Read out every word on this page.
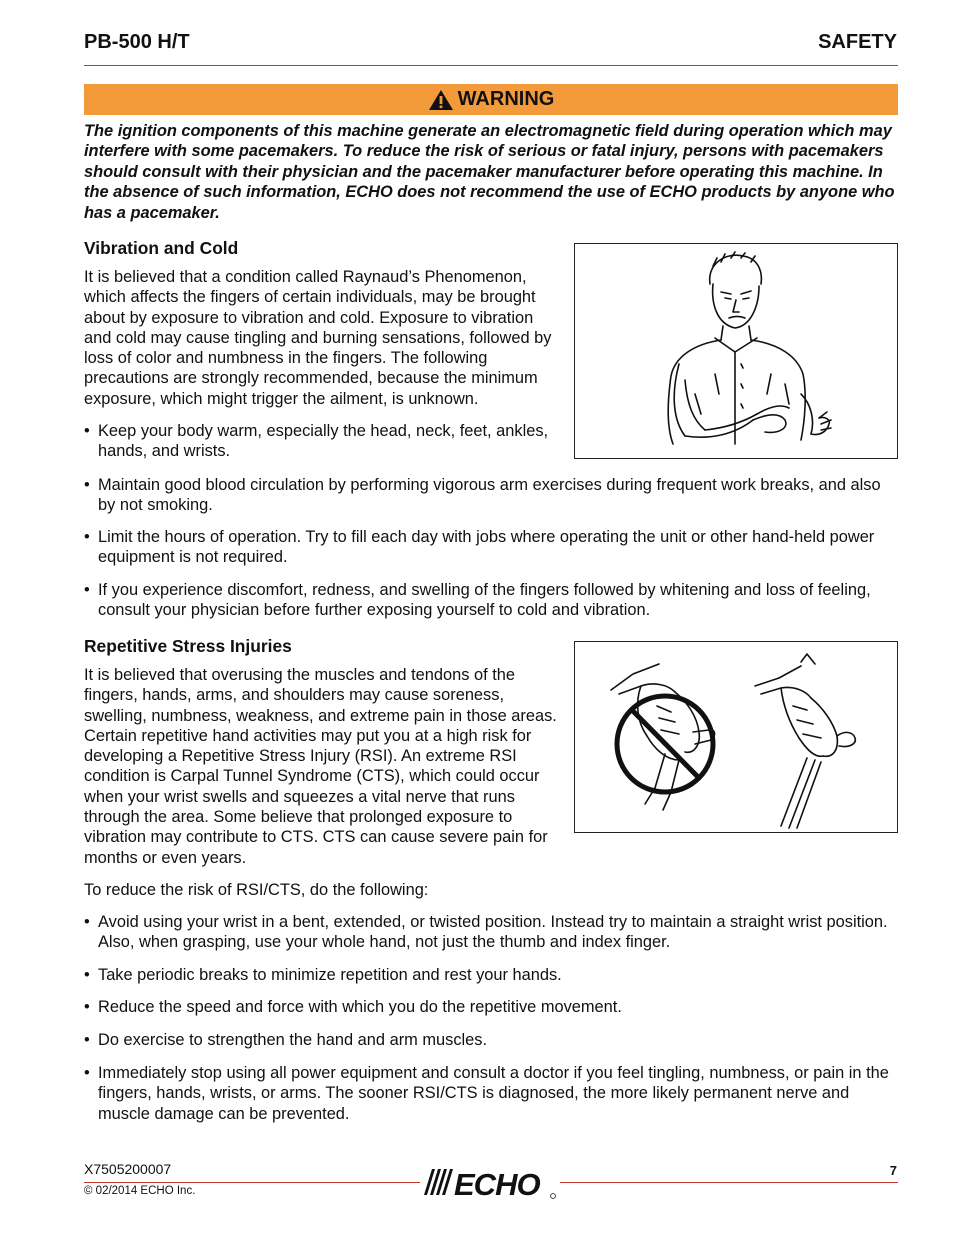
PB-500 H/T	SAFETY
WARNING
The ignition components of this machine generate an electromagnetic field during operation which may interfere with some pacemakers. To reduce the risk of serious or fatal injury, persons with pacemakers should consult with their physician and the pacemaker manufacturer before operating this machine. In the absence of such information, ECHO does not recommend the use of ECHO products by anyone who has a pacemaker.
Vibration and Cold
It is believed that a condition called Raynaud’s Phenomenon, which affects the fingers of certain individuals, may be brought about by exposure to vibration and cold. Exposure to vibration and cold may cause tingling and burning sensations, followed by loss of color and numbness in the fingers. The following precautions are strongly recommended, because the minimum exposure, which might trigger the ailment, is unknown.
• Keep your body warm, especially the head, neck, feet, ankles, hands, and wrists.
• Maintain good blood circulation by performing vigorous arm exercises during frequent work breaks, and also by not smoking.
• Limit the hours of operation. Try to fill each day with jobs where operating the unit or other hand-held power equipment is not required.
• If you experience discomfort, redness, and swelling of the fingers followed by whitening and loss of feeling, consult your physician before further exposing yourself to cold and vibration.
Repetitive Stress Injuries
It is believed that overusing the muscles and tendons of the fingers, hands, arms, and shoulders may cause soreness, swelling, numbness, weakness, and extreme pain in those areas. Certain repetitive hand activities may put you at a high risk for developing a Repetitive Stress Injury (RSI). An extreme RSI condition is Carpal Tunnel Syndrome (CTS), which could occur when your wrist swells and squeezes a vital nerve that runs through the area. Some believe that prolonged exposure to vibration may contribute to CTS. CTS can cause severe pain for months or even years.
To reduce the risk of RSI/CTS, do the following:
• Avoid using your wrist in a bent, extended, or twisted position. Instead try to maintain a straight wrist position. Also, when grasping, use your whole hand, not just the thumb and index finger.
• Take periodic breaks to minimize repetition and rest your hands.
• Reduce the speed and force with which you do the repetitive movement.
• Do exercise to strengthen the hand and arm muscles.
• Immediately stop using all power equipment and consult a doctor if you feel tingling, numbness, or pain in the fingers, hands, wrists, or arms. The sooner RSI/CTS is diagnosed, the more likely permanent nerve and muscle damage can be prevented.
X7505200007
© 02/2014 ECHO Inc.
7
ECHO
